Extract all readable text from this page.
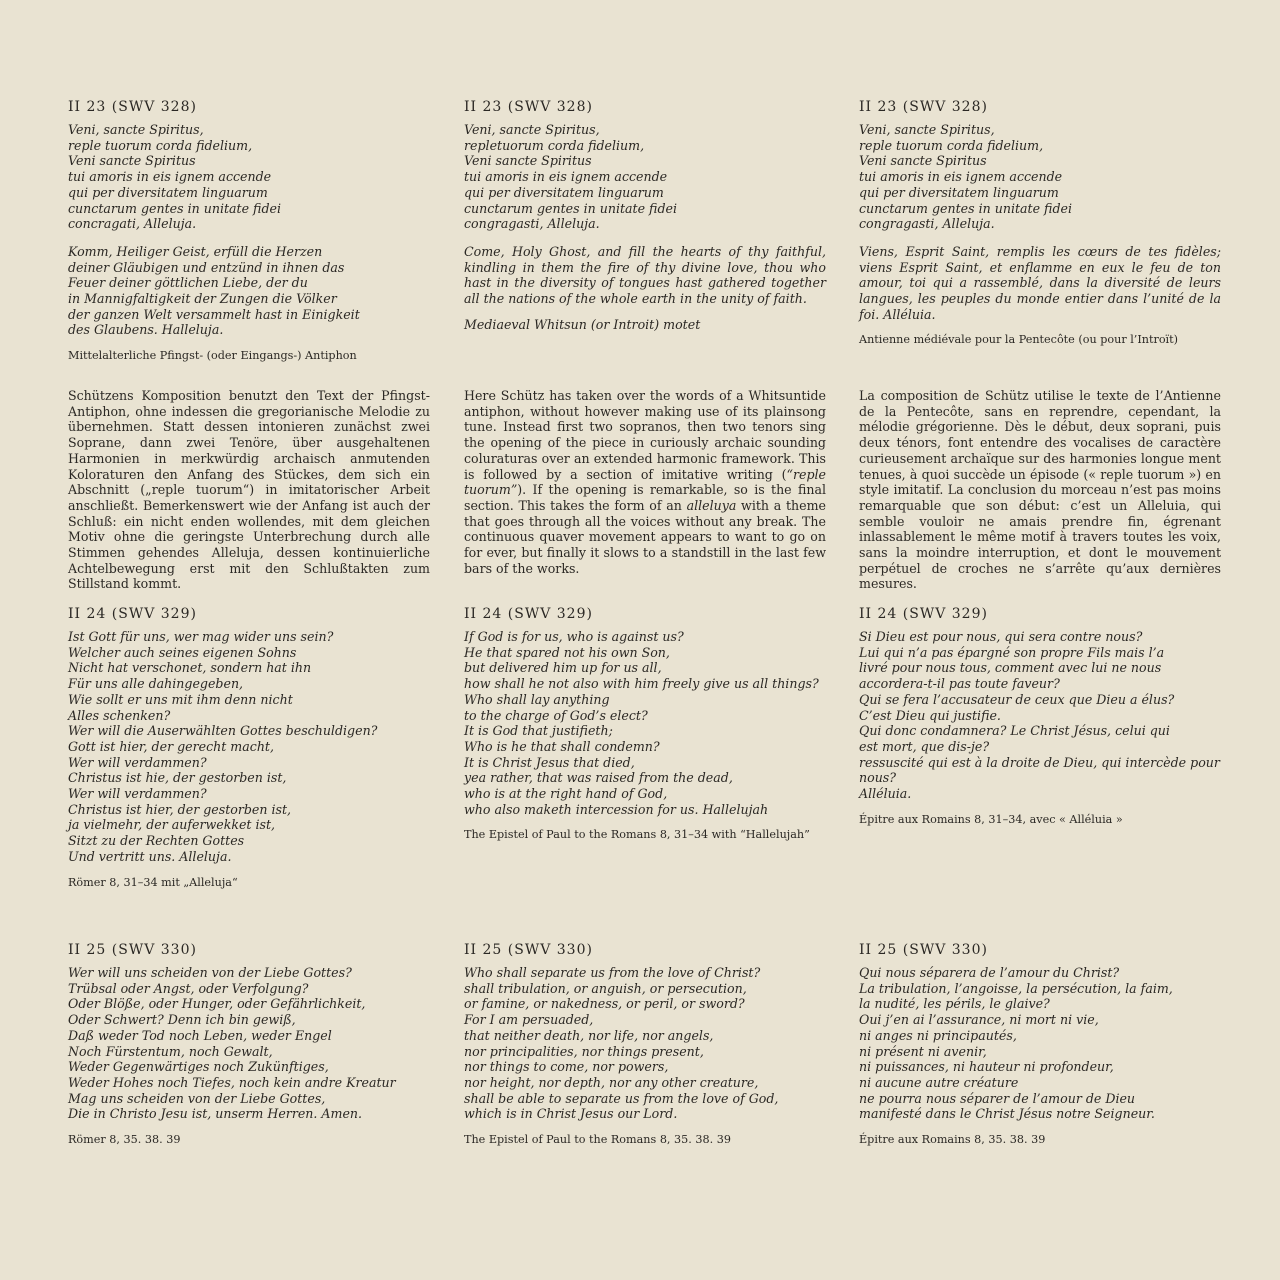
II 23 (SWV 328)
Veni, sancte Spiritus,
reple tuorum corda fidelium,
Veni sancte Spiritus
tui amoris in eis ignem accende
qui per diversitatem linguarum
cunctarum gentes in unitate fidei
concragati, Alleluja.
Komm, Heiliger Geist, erfüll die Herzen
deiner Gläubigen und entzünd in ihnen das
Feuer deiner göttlichen Liebe, der du
in Mannigfaltigkeit der Zungen die Völker
der ganzen Welt versammelt hast in Einigkeit
des Glaubens. Halleluja.
Mittelalterliche Pfingst- (oder Eingangs-) Antiphon

Schützens Komposition benutzt den Text der Pfingst-Antiphon, ohne indessen die gregorianische Melodie zu übernehmen. Statt dessen intonieren zunächst zwei Soprane, dann zwei Tenöre, über ausgehaltenen Harmonien in merkwürdig archaisch anmutenden Koloraturen den Anfang des Stückes, dem sich ein Abschnitt („reple tuorum“) in imitatorischer Arbeit anschließt. Bemerkenswert wie der Anfang ist auch der Schluß: ein nicht enden wollendes, mit dem gleichen Motiv ohne die geringste Unterbrechung durch alle Stimmen gehendes Alleluja, dessen kontinuierliche Achtelbewegung erst mit den Schlußtakten zum Stillstand kommt.

II 24 (SWV 329)
Ist Gott für uns, wer mag wider uns sein?
Welcher auch seines eigenen Sohns
Nicht hat verschonet, sondern hat ihn
Für uns alle dahingegeben,
Wie sollt er uns mit ihm denn nicht
Alles schenken?
Wer will die Auserwählten Gottes beschuldigen?
Gott ist hier, der gerecht macht,
Wer will verdammen?
Christus ist hie, der gestorben ist,
Wer will verdammen?
Christus ist hier, der gestorben ist,
ja vielmehr, der auferwekket ist,
Sitzt zu der Rechten Gottes
Und vertritt uns. Alleluja.
Römer 8, 31–34 mit „Alleluja“
II 25 (SWV 330)
Wer will uns scheiden von der Liebe Gottes?
Trübsal oder Angst, oder Verfolgung?
Oder Blöße, oder Hunger, oder Gefährlichkeit,
Oder Schwert? Denn ich bin gewiß,
Daß weder Tod noch Leben, weder Engel
Noch Fürstentum, noch Gewalt,
Weder Gegenwärtiges noch Zukünftiges,
Weder Hohes noch Tiefes, noch kein andre Kreatur
Mag uns scheiden von der Liebe Gottes,
Die in Christo Jesu ist, unserm Herren. Amen.
Römer 8, 35. 38. 39
II 23 (SWV 328)
Veni, sancte Spiritus,
repletuorum corda fidelium,
Veni sancte Spiritus
tui amoris in eis ignem accende
qui per diversitatem linguarum
cunctarum gentes in unitate fidei
congragasti, Alleluja.
Come, Holy Ghost, and fill the hearts of thy faithful, kindling in them the fire of thy divine love, thou who hast in the diversity of tongues hast gathered together all the nations of the whole earth in the unity of faith.
Mediaeval Whitsun (or Introit) motet

Here Schütz has taken over the words of a Whitsuntide antiphon, without however making use of its plainsong tune. Instead first two sopranos, then two tenors sing the opening of the piece in curiously archaic sounding coluraturas over an extended harmonic framework. This is followed by a section of imitative writing (“reple tuorum”). If the opening is remarkable, so is the final section. This takes the form of an alleluya with a theme that goes through all the voices without any break. The continuous quaver movement appears to want to go on for ever, but finally it slows to a standstill in the last few bars of the works.

II 24 (SWV 329)
If God is for us, who is against us?
He that spared not his own Son,
but delivered him up for us all,
how shall he not also with him freely give us all things?
Who shall lay anything
to the charge of God’s elect?
It is God that justifieth;
Who is he that shall condemn?
It is Christ Jesus that died,
yea rather, that was raised from the dead,
who is at the right hand of God,
who also maketh intercession for us. Hallelujah
The Epistel of Paul to the Romans 8, 31–34 with “Hallelujah”
II 25 (SWV 330)
Who shall separate us from the love of Christ?
shall tribulation, or anguish, or persecution,
or famine, or nakedness, or peril, or sword?
For I am persuaded,
that neither death, nor life, nor angels,
nor principalities, nor things present,
nor things to come, nor powers,
nor height, nor depth, nor any other creature,
shall be able to separate us from the love of God,
which is in Christ Jesus our Lord.
The Epistel of Paul to the Romans 8, 35. 38. 39
II 23 (SWV 328)
Veni, sancte Spiritus,
reple tuorum corda fidelium,
Veni sancte Spiritus
tui amoris in eis ignem accende
qui per diversitatem linguarum
cunctarum gentes in unitate fidei
congragasti, Alleluja.
Viens, Esprit Saint, remplis les cœurs de tes fidèles; viens Esprit Saint, et enflamme en eux le feu de ton amour, toi qui a rassemblé, dans la diversité de leurs langues, les peuples du monde entier dans l’unité de la foi. Alléluia.
Antienne médiévale pour la Pentecôte (ou pour l’Introït)

La composition de Schütz utilise le texte de l’Antienne de la Pentecôte, sans en reprendre, cependant, la mélodie grégorienne. Dès le début, deux soprani, puis deux ténors, font entendre des vocalises de caractère curieusement archaïque sur des harmonies longue ment tenues, à quoi succède un épisode (« reple tuorum ») en style imitatif. La conclusion du morceau n’est pas moins remarquable que son début: c’est un Alleluia, qui semble vouloir ne amais prendre fin, égrenant inlassablement le même motif à travers toutes les voix, sans la moindre interruption, et dont le mouvement perpétuel de croches ne s’arrête qu’aux dernières mesures.

II 24 (SWV 329)
Si Dieu est pour nous, qui sera contre nous?
Lui qui n’a pas épargné son propre Fils mais l’a
livré pour nous tous, comment avec lui ne nous
accordera-t-il pas toute faveur?
Qui se fera l’accusateur de ceux que Dieu a élus?
C’est Dieu qui justifie.
Qui donc condamnera? Le Christ Jésus, celui qui
est mort, que dis-je?
ressuscité qui est à la droite de Dieu, qui intercède pour nous?
Alléluia.
Épitre aux Romains 8, 31–34, avec « Alléluia »
II 25 (SWV 330)
Qui nous séparera de l’amour du Christ?
La tribulation, l’angoisse, la persécution, la faim,
la nudité, les périls, le glaive?
Oui j’en ai l’assurance, ni mort ni vie,
ni anges ni principautés,
ni présent ni avenir,
ni puissances, ni hauteur ni profondeur,
ni aucune autre créature
ne pourra nous séparer de l’amour de Dieu
manifesté dans le Christ Jésus notre Seigneur.
Épitre aux Romains 8, 35. 38. 39
